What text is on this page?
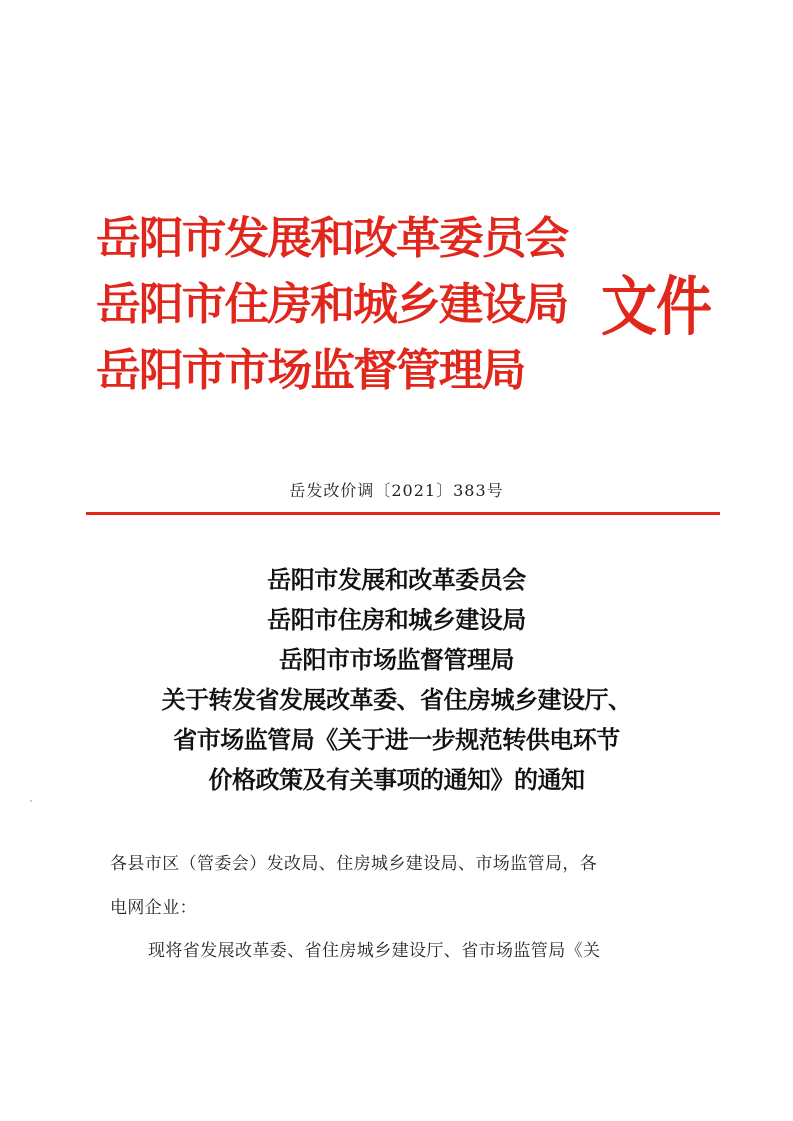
岳阳市发展和改革委员会
岳阳市住房和城乡建设局
岳阳市市场监督管理局
文件
岳发改价调〔2021〕383号
岳阳市发展和改革委员会
岳阳市住房和城乡建设局
岳阳市市场监督管理局
关于转发省发展改革委、省住房城乡建设厅、
省市场监管局《关于进一步规范转供电环节
价格政策及有关事项的通知》的通知
各县市区（管委会）发改局、住房城乡建设局、市场监管局，各
电网企业：
现将省发展改革委、省住房城乡建设厅、省市场监管局《关
